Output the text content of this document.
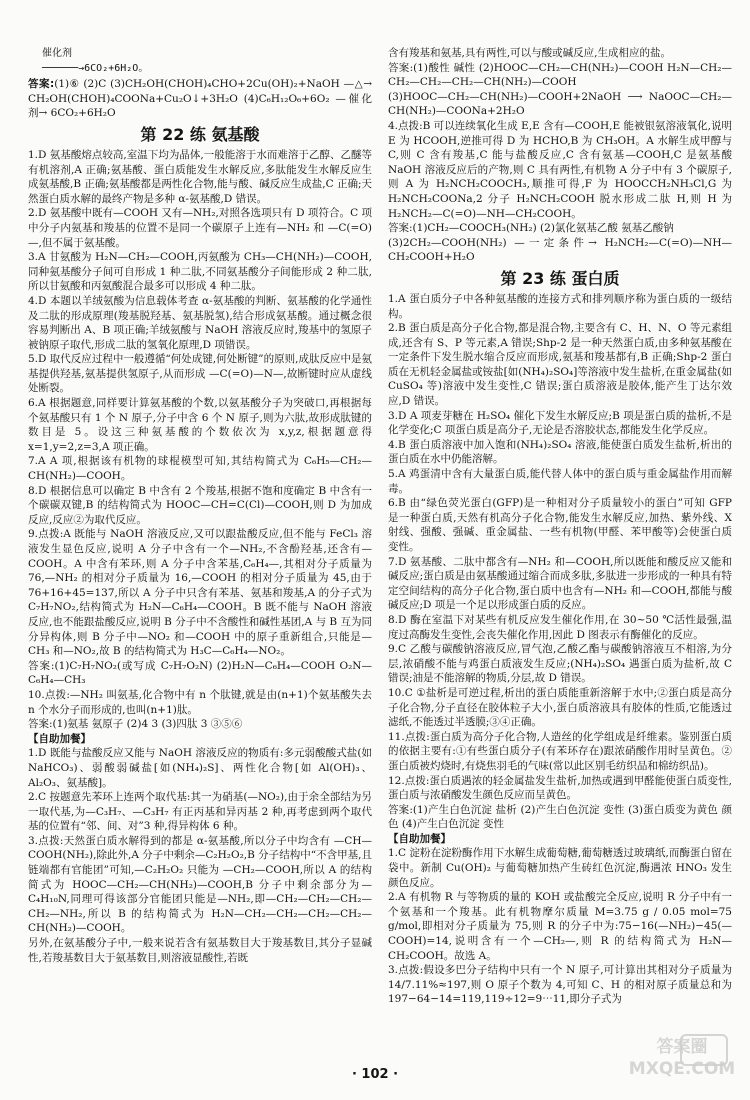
催化剂
──────→6CO₂+6H₂O。

答案:(1)⑥ (2)C (3)CH₂OH(CHOH)₄CHO+2Cu(OH)₂+NaOH —△→ CH₂OH(CHOH)₄COONa+Cu₂O↓+3H₂O (4)C₆H₁₂O₆+6O₂ —催化剂→ 6CO₂+6H₂O

第 22 练 氨基酸

1.D 氨基酸熔点较高,室温下均为晶体,一般能溶于水而难溶于乙醇、乙醚等有机溶剂,A 正确;氨基酸、蛋白质能发生水解反应,多肽能发生水解反应生成氨基酸,B 正确;氨基酸都是两性化合物,能与酸、碱反应生成盐,C 正确;天然蛋白质水解的最终产物是多种 α-氨基酸,D 错误。

2.D 氨基酸中既有—COOH 又有—NH₂,对照各选项只有 D 项符合。C 项中分子内氨基和羧基的位置不是同一个碳原子上连有—NH₂ 和 —C(=O)—,但不属于氨基酸。

3.A 甘氨酸为 H₂N—CH₂—COOH,丙氨酸为 CH₃—CH(NH₂)—COOH,同种氨基酸分子间可自形成 1 种二肽,不同氨基酸分子间能形成 2 种二肽,所以甘氨酸和丙氨酸混合最多可以形成 4 种二肽。

4.D 本题以羊绒氨酸为信息载体考查 α-氨基酸的判断、氨基酸的化学通性及二肽的形成原理(羧基脱羟基、氨基脱氢),结合形成氨基酸。通过概念很容易判断出 A、B 项正确;羊绒氨酸与 NaOH 溶液反应时,羧基中的氢原子被钠原子取代,形成二肽的氢氧化原理,D 项错误。

5.D 取代反应过程中一般遵循“何处成键,何处断键”的原则,成肽反应中是氨基提供羟基,氨基提供氢原子,从而形成 —C(=O)—N—,故断键时应从虚线处断裂。

6.A 根据题意,同样要计算氨基酸的个数,以氨基酸分子为突破口,再根据每个氨基酸只有 1 个 N 原子,分子中含 6 个 N 原子,则为六肽,故形成肽键的数目是 5。设这三种氨基酸的个数依次为 x,y,z,根据题意得 x=1,y=2,z=3,A 项正确。

7.A A 项,根据该有机物的球棍模型可知,其结构简式为 C₆H₅—CH₂—CH(NH₂)—COOH。

8.D 根据信息可以确定 B 中含有 2 个羧基,根据不饱和度确定 B 中含有一个碳碳双键,B 的结构简式为 HOOC—CH=C(Cl)—COOH,则 D 为加成反应,反应②为取代反应。

9.点拨:A 既能与 NaOH 溶液反应,又可以跟盐酸反应,但不能与 FeCl₃ 溶液发生显色反应,说明 A 分子中含有一个—NH₂,不含酚羟基,还含有—COOH。A 中含有苯环,则 A 分子中含苯基,C₆H₄—,其相对分子质量为 76,—NH₂ 的相对分子质量为 16,—COOH 的相对分子质量为 45,由于 76+16+45=137,所以 A 分子中只含有苯基、氨基和羧基,A 的分子式为 C₇H₇NO₂,结构简式为 H₂N—C₆H₄—COOH。B 既不能与 NaOH 溶液反应,也不能跟盐酸反应,说明 B 分子中不含酸性和碱性基团,A 与 B 互为同分异构体,则 B 分子中—NO₂ 和—COOH 中的原子重新组合,只能是—CH₃ 和—NO₂,故 B 的结构简式为 H₃C—C₆H₄—NO₂。

答案:(1)C₇H₇NO₂(或写成 C₇H₇O₂N) (2)H₂N—C₆H₄—COOH O₂N—C₆H₄—CH₃

10.点拨:—NH₂ 叫氨基,化合物中有 n 个肽键,就是由(n+1)个氨基酸失去 n 个水分子而形成的,也叫(n+1)肽。

答案:(1)氨基 氨原子 (2)4 3 (3)四肽 3 ③⑤⑥

【自助加餐】

1.D 既能与盐酸反应又能与 NaOH 溶液反应的物质有:多元弱酸酸式盐(如 NaHCO₃)、弱酸弱碱盐[如(NH₄)₂S]、两性化合物[如 Al(OH)₃、Al₂O₃、氨基酸]。

2.C 按题意先苯环上连两个取代基:其一为硝基(—NO₂),由于余全部结为另一取代基,为—C₃H₇、—C₃H₇ 有正丙基和异丙基 2 种,再考虑到两个取代基的位置有“邻、间、对”3 种,得异构体 6 种。

3.点拨:天然蛋白质水解得到的都是 α-氨基酸,所以分子中均含有 —CH—COOH(NH₂),除此外,A 分子中剩余—C₂H₂O₂,B 分子结构中“不含甲基,且链端都有官能团”可知,—C₂H₂O₂ 只能为 —CH₂—COOH,所以 A 的结构简式为 HOOC—CH₂—CH(NH₂)—COOH,B 分子中剩余部分为—C₄H₁₀N,同理可得该部分官能团只能是—NH₂,即—CH₂—CH₂—CH₂—CH₂—NH₂,所以 B 的结构简式为 H₂N—CH₂—CH₂—CH₂—CH₂—CH(NH₂)—COOH。

另外,在氨基酸分子中,一般来说若含有氨基数目大于羧基数目,其分子显碱性,若羧基数目大于氨基数目,则溶液显酸性,若既

含有羧基和氨基,具有两性,可以与酸或碱反应,生成相应的盐。

答案:(1)酸性 碱性 (2)HOOC—CH₂—CH(NH₂)—COOH H₂N—CH₂—CH₂—CH₂—CH₂—CH(NH₂)—COOH

(3)HOOC—CH₂—CH(NH₂)—COOH+2NaOH ⟶ NaOOC—CH₂—CH(NH₂)—COONa+2H₂O

4.点拨:B 可以连续氧化生成 E,E 含有—COOH,E 能被银氨溶液氧化,说明 E 为 HCOOH,逆推可得 D 为 HCHO,B 为 CH₃OH。A 水解生成甲醇与 C,则 C 含有羧基,C 能与盐酸反应,C 含有氨基—COOH,C 是氨基酸 NaOH 溶液反应后的产物,则 C 具有两性,有机物 A 分子中有 3 个碳原子,则 A 为 H₂NCH₂COOCH₃,顺推可得,F 为 HOOCCH₂NH₃Cl,G 为 H₂NCH₂COONa,2 分子 H₂NCH₂COOH 脱水形成二肽 H,则 H 为 H₂NCH₂—C(=O)—NH—CH₂COOH。

答案:(1)CH₂—COOCH₃(NH₂) (2)氯化氨基乙酸 氨基乙酸钠

(3)2CH₂—COOH(NH₂) —一定条件→ H₂NCH₂—C(=O)—NH—CH₂COOH+H₂O

第 23 练 蛋白质

1.A 蛋白质分子中各种氨基酸的连接方式和排列顺序称为蛋白质的一级结构。

2.B 蛋白质是高分子化合物,都是混合物,主要含有 C、H、N、O 等元素组成,还含有 S、P 等元素,A 错误;Shp-2 是一种天然蛋白质,由多种氨基酸在一定条件下发生脱水缩合反应而形成,氨基和羧基都有,B 正确;Shp-2 蛋白质在无机轻金属盐或铵盐[如(NH₄)₂SO₄]等溶液中发生盐析,在重金属盐(如 CuSO₄ 等)溶液中发生变性,C 错误;蛋白质溶液是胶体,能产生丁达尔效应,D 错误。

3.D A 项麦芽糖在 H₂SO₄ 催化下发生水解反应;B 项是蛋白质的盐析,不是化学变化;C 项蛋白质是高分子,无论是否溶胶状态,都能发生化学反应。

4.B 蛋白质溶液中加入饱和(NH₄)₂SO₄ 溶液,能使蛋白质发生盐析,析出的蛋白质在水中仍能溶解。

5.A 鸡蛋清中含有大量蛋白质,能代替人体中的蛋白质与重金属盐作用而解毒。

6.B 由“绿色荧光蛋白(GFP)是一种相对分子质量较小的蛋白”可知 GFP 是一种蛋白质,天然有机高分子化合物,能发生水解反应,加热、紫外线、X 射线、强酸、强碱、重金属盐、一些有机物(甲醛、苯甲酸等)会使蛋白质变性。

7.D 氨基酸、二肽中都含有—NH₂ 和—COOH,所以既能和酸反应又能和碱反应;蛋白质是由氨基酸通过缩合而成多肽,多肽进一步形成的一种具有特定空间结构的高分子化合物,蛋白质中也含有—NH₂ 和—COOH,都能与酸碱反应;D 项是一个足以形成蛋白质的反应。

8.D 酶在室温下对某些有机反应发生催化作用,在 30~50 ℃活性最强,温度过高酶发生变性,会丧失催化作用,因此 D 图表示有酶催化的反应。

9.C 乙酸与碳酸钠溶液反应,冒气泡,乙酸乙酯与碳酸钠溶液互不相溶,为分层,浓硝酸不能与鸡蛋白质液发生反应;(NH₄)₂SO₄ 遇蛋白质为盐析,故 C 错误;油是不能溶解的物质,分层,故 D 错误。

10.C ①盐析是可逆过程,析出的蛋白质能重新溶解于水中;②蛋白质是高分子化合物,分子直径在胶体粒子大小,蛋白质溶液具有胶体的性质,它能透过滤纸,不能透过半透膜;③④正确。

11.点拨:蛋白质为高分子化合物,人造丝的化学组成是纤维素。鉴别蛋白质的依据主要有:①有些蛋白质分子(有苯环存在)跟浓硝酸作用时呈黄色。②蛋白质被灼烧时,有烧焦羽毛的气味(常以此区别毛纺织品和棉纺织品)。

12.点拨:蛋白质遇浓的轻金属盐发生盐析,加热或遇到甲醛能使蛋白质变性,蛋白质与浓硝酸发生颜色反应而呈黄色。

答案:(1)产生白色沉淀 盐析 (2)产生白色沉淀 变性 (3)蛋白质变为黄色 颜色 (4)产生白色沉淀 变性

【自助加餐】

1.C 淀粉在淀粉酶作用下水解生成葡萄糖,葡萄糖透过玻璃纸,而酶蛋白留在袋中。新制 Cu(OH)₂ 与葡萄糖加热产生砖红色沉淀,酶遇浓 HNO₃ 发生颜色反应。

2.A 有机物 R 与等物质的量的 KOH 或盐酸完全反应,说明 R 分子中有一个氨基和一个羧基。此有机物摩尔质量 M=3.75 g / 0.05 mol=75 g/mol,即相对分子质量为 75,则 R 的分子中为:75−16(—NH₂)−45(—COOH)=14,说明含有一个—CH₂—,则 R 的结构简式为 H₂N—CH₂COOH。故选 A。

3.点拨:假设多巴分子结构中只有一个 N 原子,可计算出其相对分子质量为 14/7.11%≈197,则 O 原子个数为 4,可知 C、H 的相对原子质量总和为 197−64−14=119,119÷12=9⋯11,即分子式为

· 102 ·
答案圈
MXQE.COM
